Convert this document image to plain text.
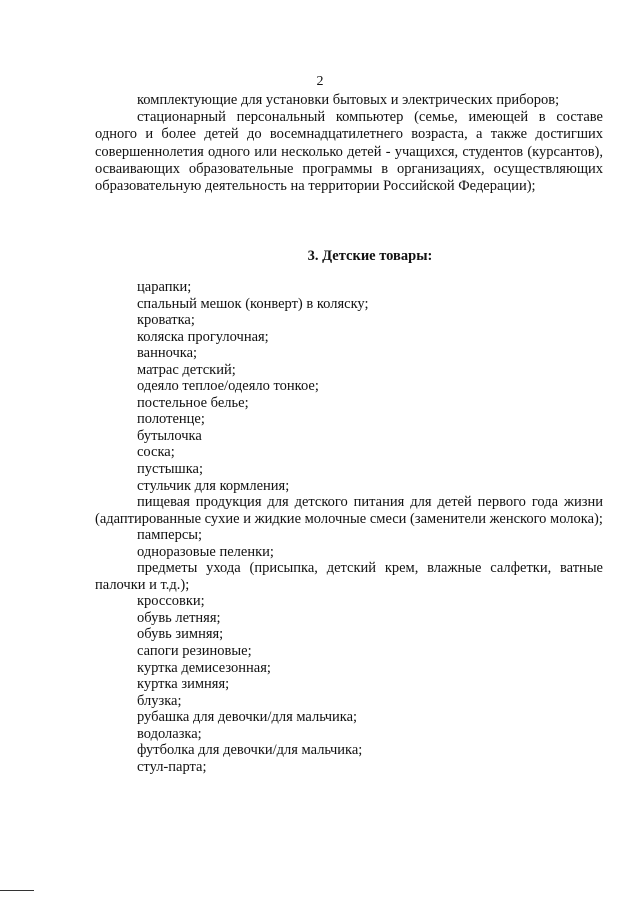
2

комплектующие для установки бытовых и электрических приборов;

стационарный персональный компьютер (семье, имеющей в составе одного и более детей до восемнадцатилетнего возраста, а также достигших совершеннолетия одного или несколько детей - учащихся, студентов (курсантов), осваивающих образовательные программы в организациях, осуществляющих образовательную деятельность на территории Российской Федерации);

3. Детские товары:

царапки;

спальный мешок (конверт) в коляску;

кроватка;

коляска прогулочная;

ванночка;

матрас детский;

одеяло теплое/одеяло тонкое;

постельное белье;

полотенце;

бутылочка

соска;

пустышка;

стульчик для кормления;

пищевая продукция для детского питания для детей первого года жизни (адаптированные сухие и жидкие молочные смеси (заменители женского молока);

памперсы;

одноразовые пеленки;

предметы ухода (присыпка, детский крем, влажные салфетки, ватные палочки и т.д.);

кроссовки;

обувь летняя;

обувь зимняя;

сапоги резиновые;

куртка демисезонная;

куртка зимняя;

блузка;

рубашка для девочки/для мальчика;

водолазка;

футболка для девочки/для мальчика;

стул-парта;
